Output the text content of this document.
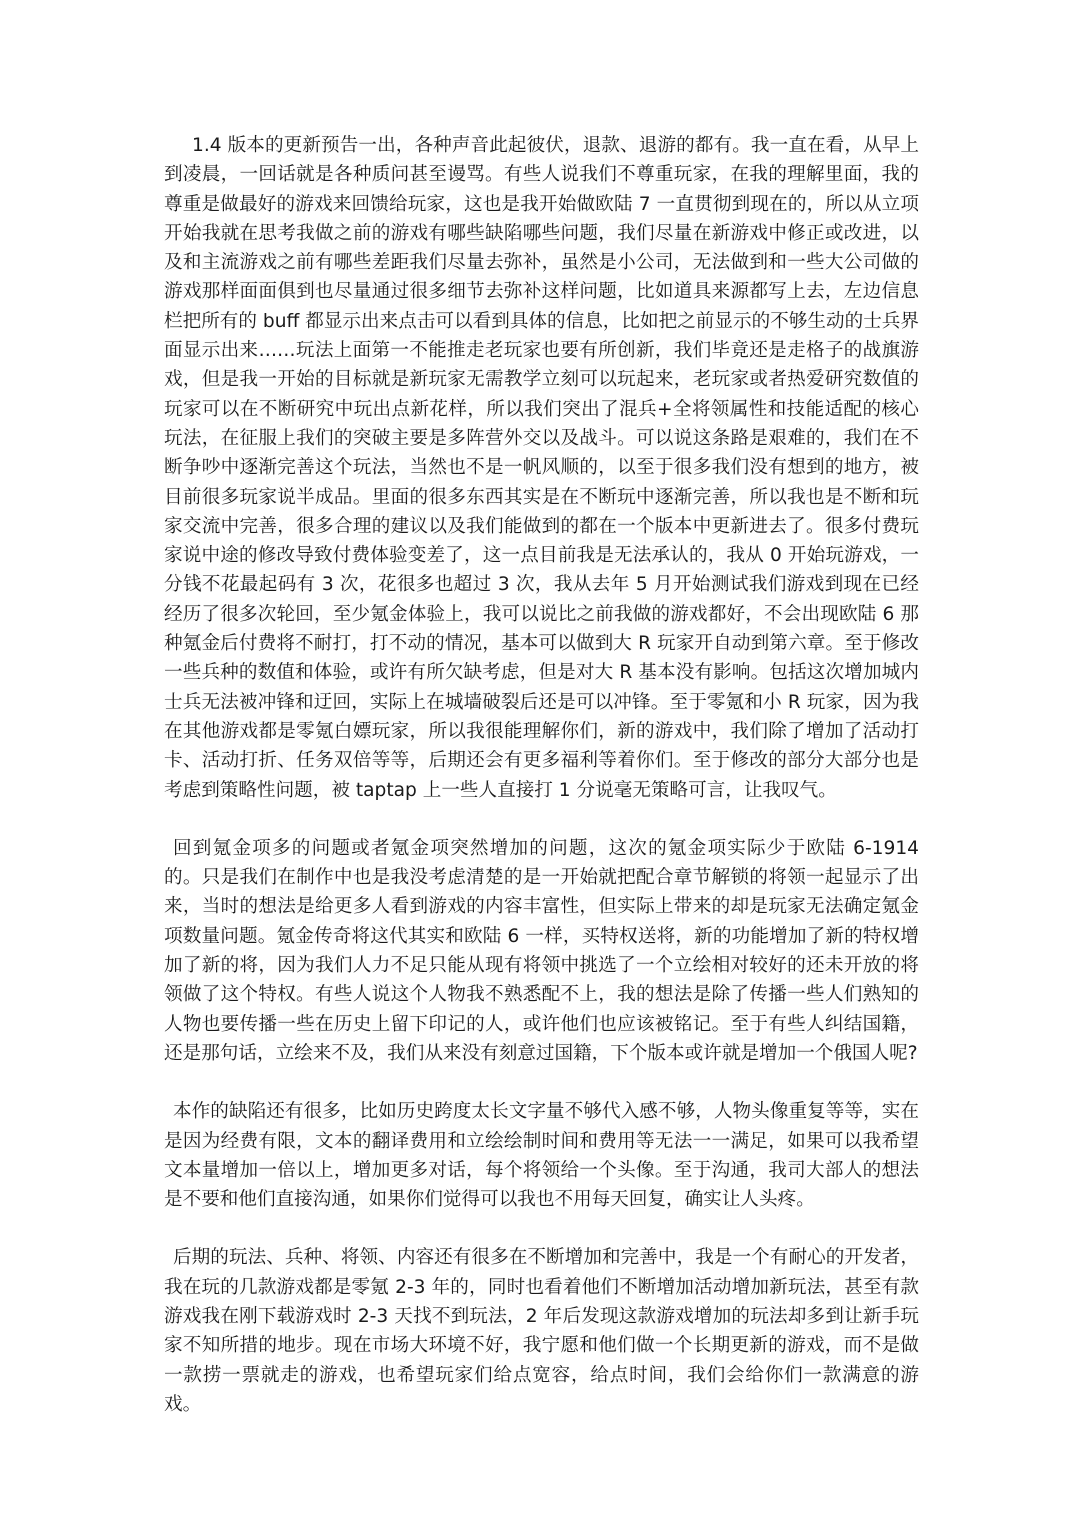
1.4 版本的更新预告一出，各种声音此起彼伏，退款、退游的都有。我一直在看，从早上到凌晨，一回话就是各种质问甚至谩骂。有些人说我们不尊重玩家，在我的理解里面，我的尊重是做最好的游戏来回馈给玩家，这也是我开始做欧陆 7 一直贯彻到现在的，所以从立项开始我就在思考我做之前的游戏有哪些缺陷哪些问题，我们尽量在新游戏中修正或改进，以及和主流游戏之前有哪些差距我们尽量去弥补，虽然是小公司，无法做到和一些大公司做的游戏那样面面俱到也尽量通过很多细节去弥补这样问题，比如道具来源都写上去，左边信息栏把所有的 buff 都显示出来点击可以看到具体的信息，比如把之前显示的不够生动的士兵界面显示出来……玩法上面第一不能推走老玩家也要有所创新，我们毕竟还是走格子的战旗游戏，但是我一开始的目标就是新玩家无需教学立刻可以玩起来，老玩家或者热爱研究数值的玩家可以在不断研究中玩出点新花样，所以我们突出了混兵+全将领属性和技能适配的核心玩法，在征服上我们的突破主要是多阵营外交以及战斗。可以说这条路是艰难的，我们在不断争吵中逐渐完善这个玩法，当然也不是一帆风顺的，以至于很多我们没有想到的地方，被目前很多玩家说半成品。里面的很多东西其实是在不断玩中逐渐完善，所以我也是不断和玩家交流中完善，很多合理的建议以及我们能做到的都在一个版本中更新进去了。很多付费玩家说中途的修改导致付费体验变差了，这一点目前我是无法承认的，我从 0 开始玩游戏，一分钱不花最起码有 3 次，花很多也超过 3 次，我从去年 5 月开始测试我们游戏到现在已经经历了很多次轮回，至少氪金体验上，我可以说比之前我做的游戏都好，不会出现欧陆 6 那种氪金后付费将不耐打，打不动的情况，基本可以做到大 R 玩家开自动到第六章。至于修改一些兵种的数值和体验，或许有所欠缺考虑，但是对大 R 基本没有影响。包括这次增加城内士兵无法被冲锋和迂回，实际上在城墙破裂后还是可以冲锋。至于零氪和小 R 玩家，因为我在其他游戏都是零氪白嫖玩家，所以我很能理解你们，新的游戏中，我们除了增加了活动打卡、活动打折、任务双倍等等，后期还会有更多福利等着你们。至于修改的部分大部分也是考虑到策略性问题，被 taptap 上一些人直接打 1 分说毫无策略可言，让我叹气。

回到氪金项多的问题或者氪金项突然增加的问题，这次的氪金项实际少于欧陆 6-1914 的。只是我们在制作中也是我没考虑清楚的是一开始就把配合章节解锁的将领一起显示了出来，当时的想法是给更多人看到游戏的内容丰富性，但实际上带来的却是玩家无法确定氪金项数量问题。氪金传奇将这代其实和欧陆 6 一样，买特权送将，新的功能增加了新的特权增加了新的将，因为我们人力不足只能从现有将领中挑选了一个立绘相对较好的还未开放的将领做了这个特权。有些人说这个人物我不熟悉配不上，我的想法是除了传播一些人们熟知的人物也要传播一些在历史上留下印记的人，或许他们也应该被铭记。至于有些人纠结国籍，还是那句话，立绘来不及，我们从来没有刻意过国籍，下个版本或许就是增加一个俄国人呢?

本作的缺陷还有很多，比如历史跨度太长文字量不够代入感不够，人物头像重复等等，实在是因为经费有限，文本的翻译费用和立绘绘制时间和费用等无法一一满足，如果可以我希望文本量增加一倍以上，增加更多对话，每个将领给一个头像。至于沟通，我司大部人的想法是不要和他们直接沟通，如果你们觉得可以我也不用每天回复，确实让人头疼。

后期的玩法、兵种、将领、内容还有很多在不断增加和完善中，我是一个有耐心的开发者，我在玩的几款游戏都是零氪 2-3 年的，同时也看着他们不断增加活动增加新玩法，甚至有款游戏我在刚下载游戏时 2-3 天找不到玩法，2 年后发现这款游戏增加的玩法却多到让新手玩家不知所措的地步。现在市场大环境不好，我宁愿和他们做一个长期更新的游戏，而不是做一款捞一票就走的游戏，也希望玩家们给点宽容，给点时间，我们会给你们一款满意的游戏。
